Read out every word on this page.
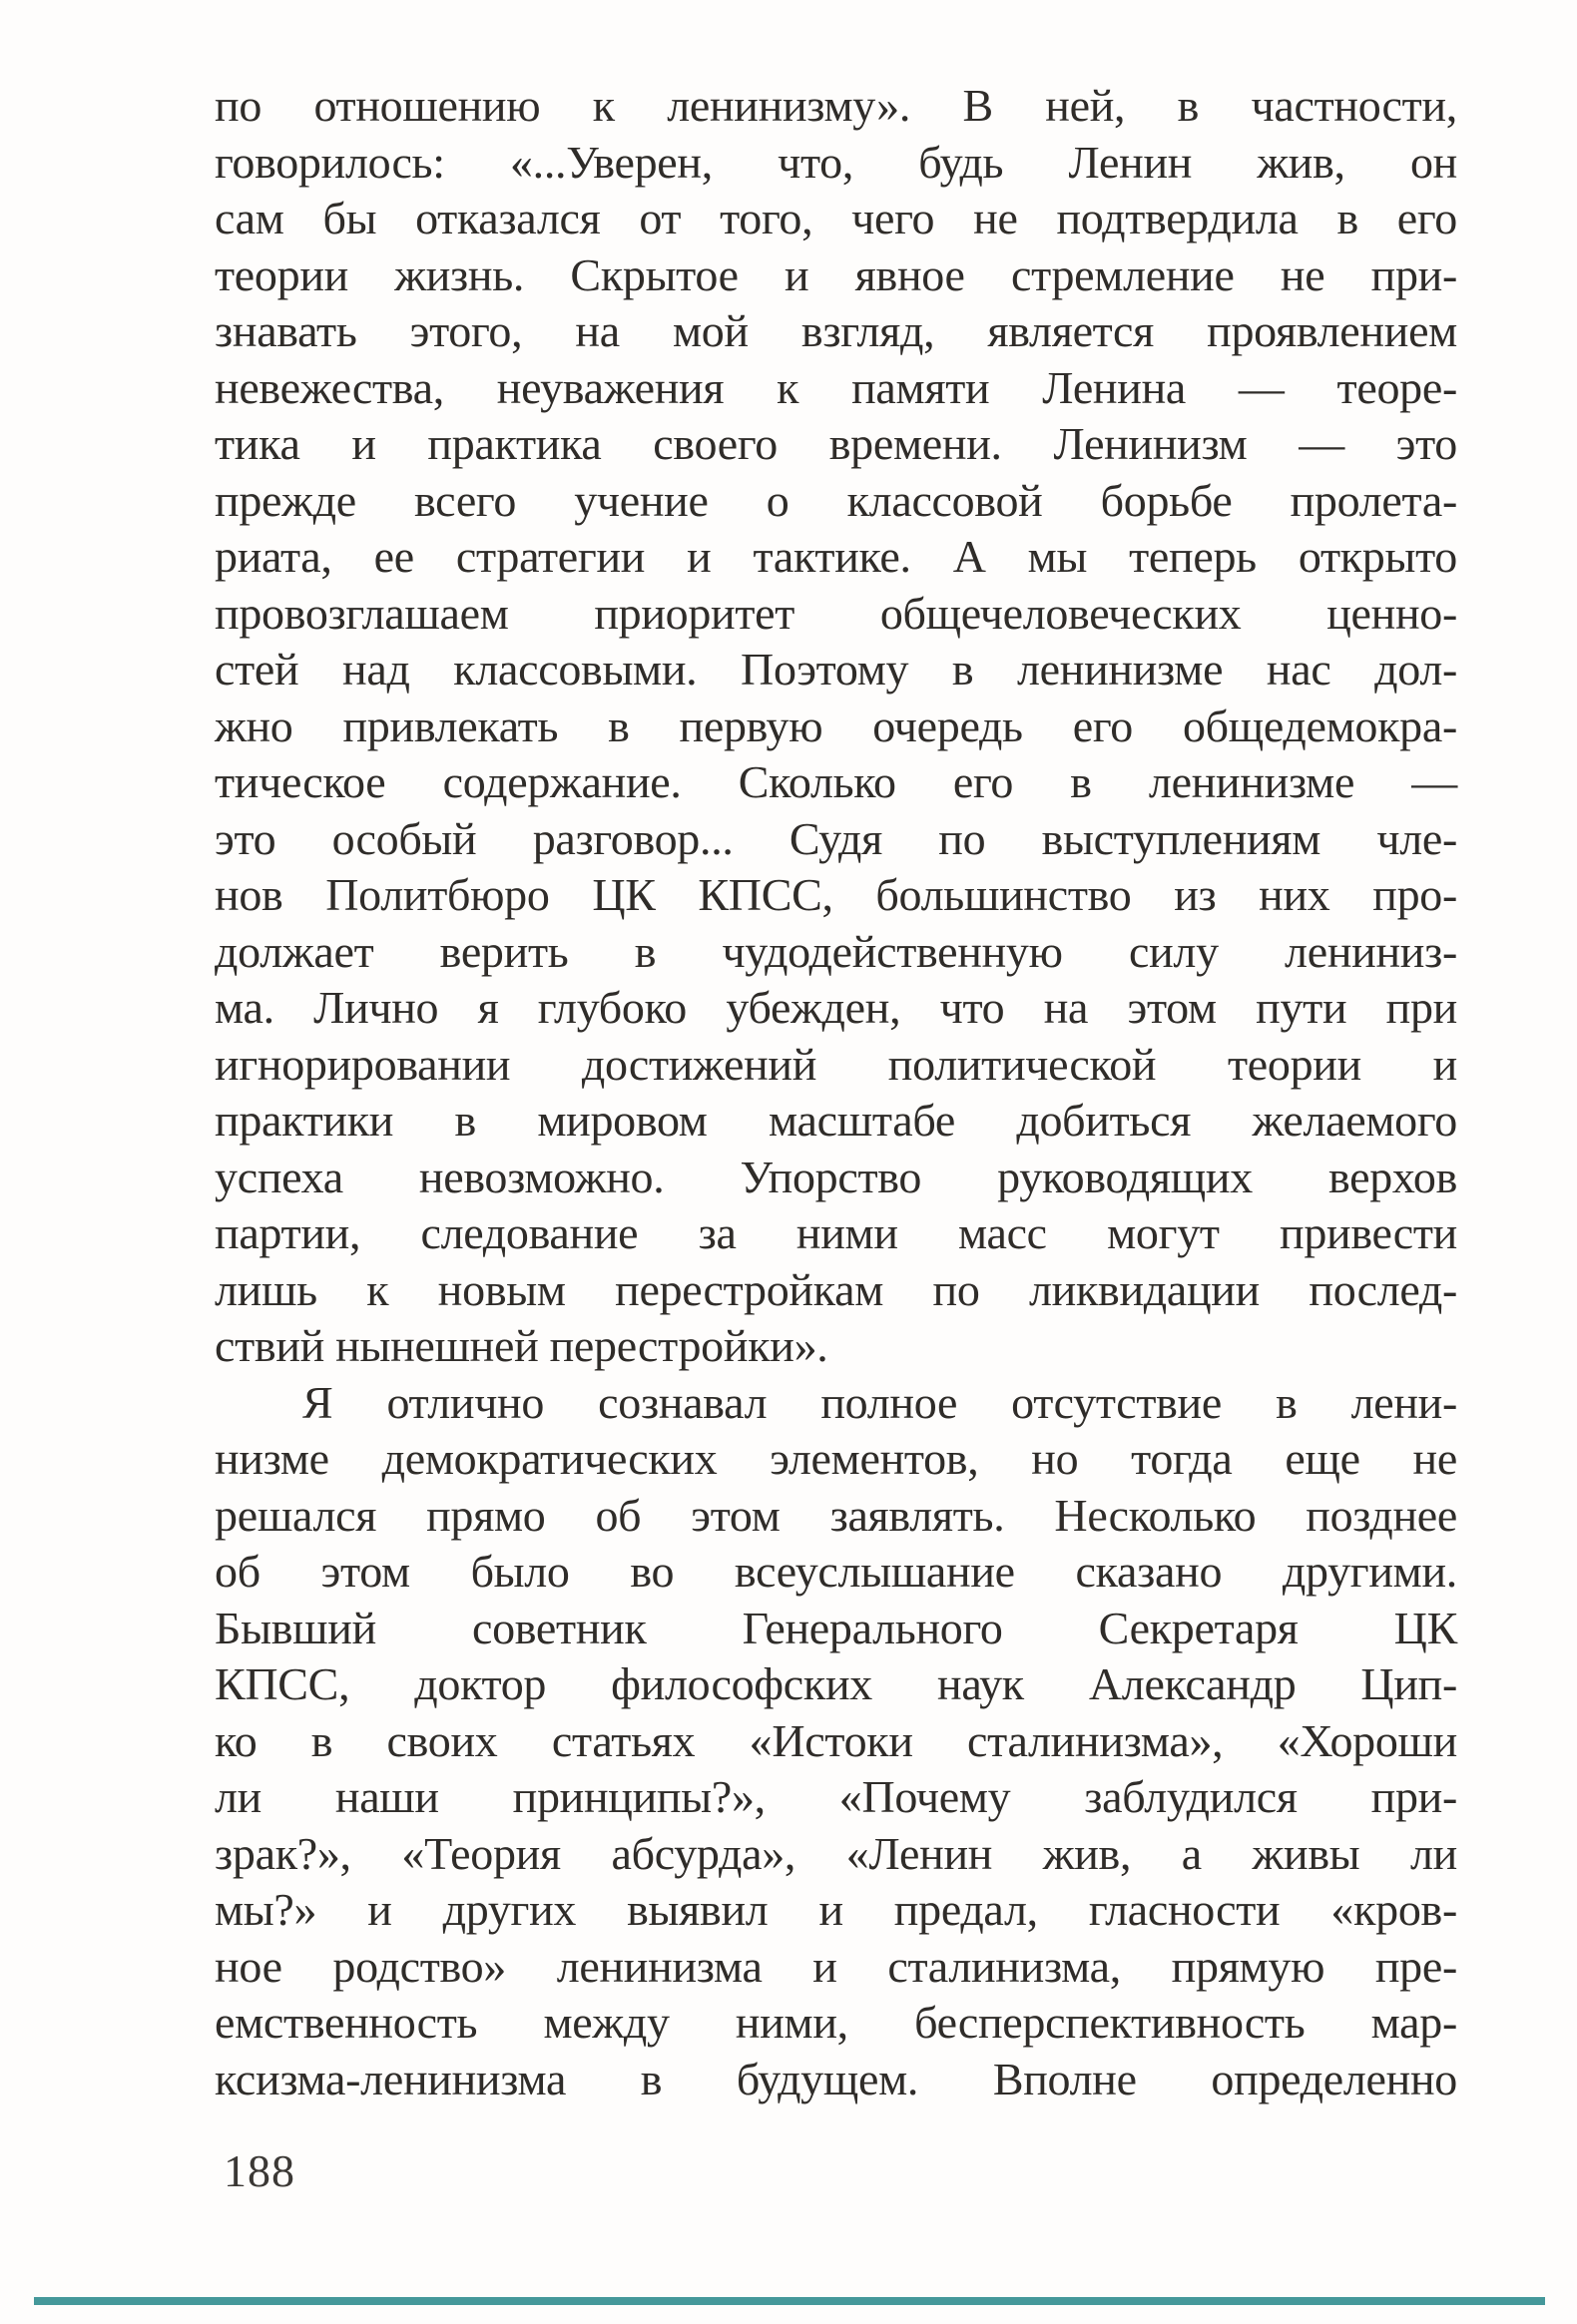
по отношению к ленинизму». В ней, в частности,
говорилось: «...Уверен, что, будь Ленин жив, он
сам бы отказался от того, чего не подтвердила в его
теории жизнь. Скрытое и явное стремление не при-
знавать этого, на мой взгляд, является проявлением
невежества, неуважения к памяти Ленина — теоре-
тика и практика своего времени. Ленинизм — это
прежде всего учение о классовой борьбе пролета-
риата, ее стратегии и тактике. А мы теперь открыто
провозглашаем приоритет общечеловеческих ценно-
стей над классовыми. Поэтому в ленинизме нас дол-
жно привлекать в первую очередь его общедемокра-
тическое содержание. Сколько его в ленинизме —
это особый разговор... Судя по выступлениям чле-
нов Политбюро ЦК КПСС, большинство из них про-
должает верить в чудодейственную силу лениниз-
ма. Лично я глубоко убежден, что на этом пути при
игнорировании достижений политической теории и
практики в мировом масштабе добиться желаемого
успеха невозможно. Упорство руководящих верхов
партии, следование за ними масс могут привести
лишь к новым перестройкам по ликвидации послед-
ствий нынешней перестройки».
Я отлично сознавал полное отсутствие в лени-
низме демократических элементов, но тогда еще не
решался прямо об этом заявлять. Несколько позднее
об этом было во всеуслышание сказано другими.
Бывший советник Генерального Секретаря ЦК
КПСС, доктор философских наук Александр Цип-
ко в своих статьях «Истоки сталинизма», «Хороши
ли наши принципы?», «Почему заблудился при-
зрак?», «Теория абсурда», «Ленин жив, а живы ли
мы?» и других выявил и предал, гласности «кров-
ное родство» ленинизма и сталинизма, прямую пре-
емственность между ними, бесперспективность мар-
ксизма-ленинизма в будущем. Вполне определенно
188
